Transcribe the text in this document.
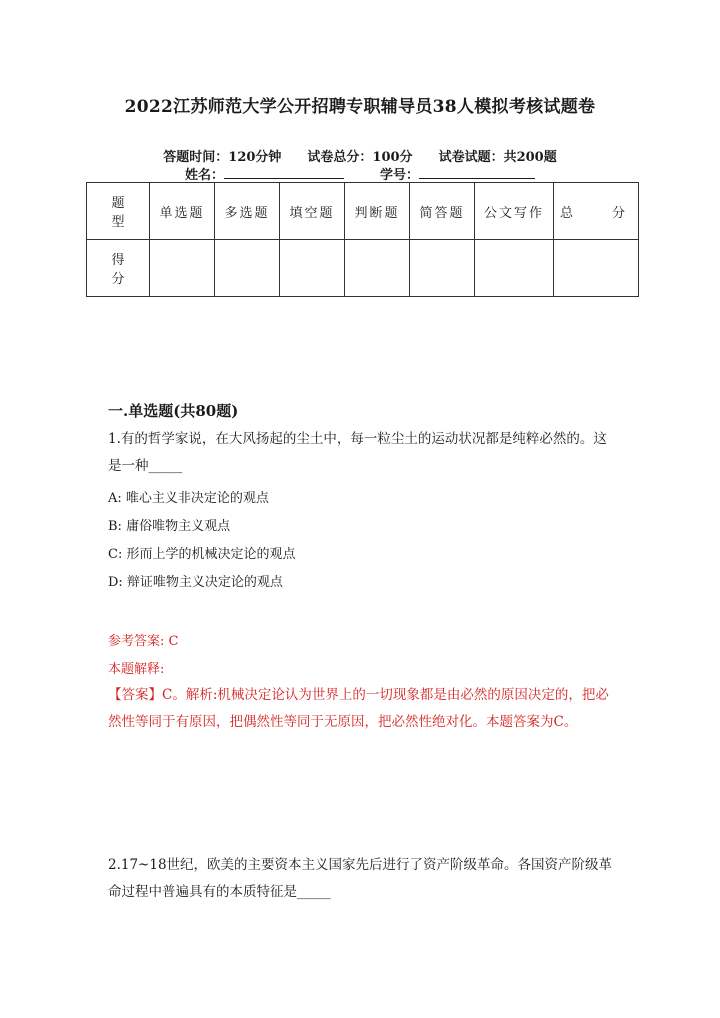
2022江苏师范大学公开招聘专职辅导员38人模拟考核试题卷
答题时间：120分钟 试卷总分：100分 试卷试题：共200题
姓名：	学号：
题　　型	单选题	多选题	填空题	判断题	简答题	公文写作	总　　　分
得　　分							
一.单选题(共80题)
1.有的哲学家说，在大风扬起的尘土中，每一粒尘土的运动状况都是纯粹必然的。这是一种_____
A: 唯心主义非决定论的观点
B: 庸俗唯物主义观点
C: 形而上学的机械决定论的观点
D: 辩证唯物主义决定论的观点
参考答案: C
本题解释:
【答案】C。解析:机械决定论认为世界上的一切现象都是由必然的原因决定的，把必然性等同于有原因，把偶然性等同于无原因，把必然性绝对化。本题答案为C。
2.17~18世纪，欧美的主要资本主义国家先后进行了资产阶级革命。各国资产阶级革命过程中普遍具有的本质特征是_____
